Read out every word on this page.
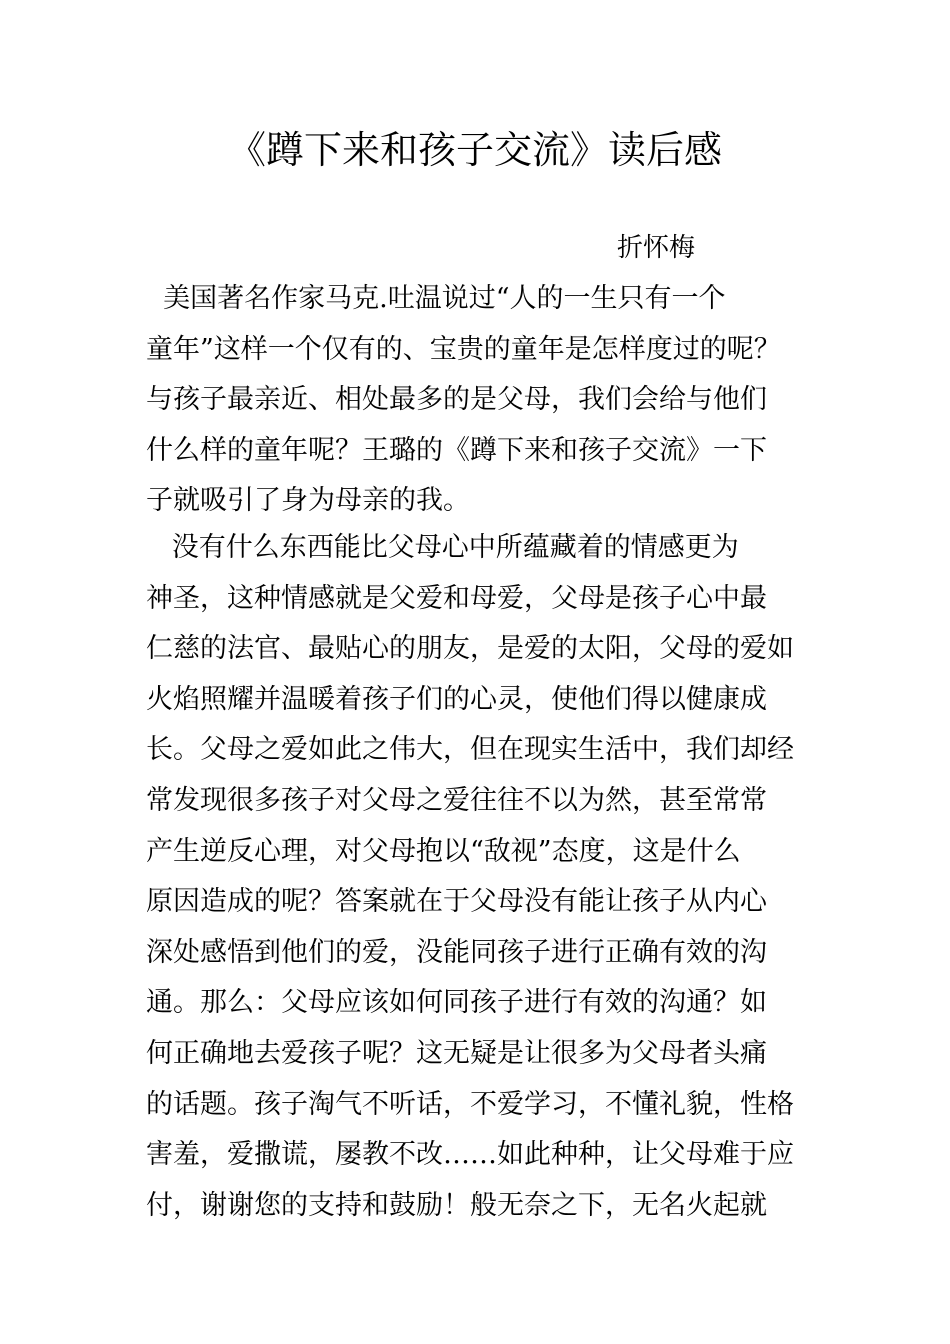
《蹲下来和孩子交流》读后感
折怀梅
美国著名作家马克.吐温说过“人的一生只有一个
童年”这样一个仅有的、宝贵的童年是怎样度过的呢？
与孩子最亲近、相处最多的是父母，我们会给与他们
什么样的童年呢？王璐的《蹲下来和孩子交流》一下
子就吸引了身为母亲的我。
没有什么东西能比父母心中所蕴藏着的情感更为
神圣，这种情感就是父爱和母爱，父母是孩子心中最
仁慈的法官、最贴心的朋友，是爱的太阳，父母的爱如
火焰照耀并温暖着孩子们的心灵，使他们得以健康成
长。父母之爱如此之伟大，但在现实生活中，我们却经
常发现很多孩子对父母之爱往往不以为然，甚至常常
产生逆反心理，对父母抱以“敌视”态度，这是什么
原因造成的呢？答案就在于父母没有能让孩子从内心
深处感悟到他们的爱，没能同孩子进行正确有效的沟
通。那么：父母应该如何同孩子进行有效的沟通？如
何正确地去爱孩子呢？这无疑是让很多为父母者头痛
的话题。孩子淘气不听话，不爱学习，不懂礼貌，性格
害羞，爱撒谎，屡教不改……如此种种，让父母难于应
付，谢谢您的支持和鼓励！般无奈之下，无名火起就
